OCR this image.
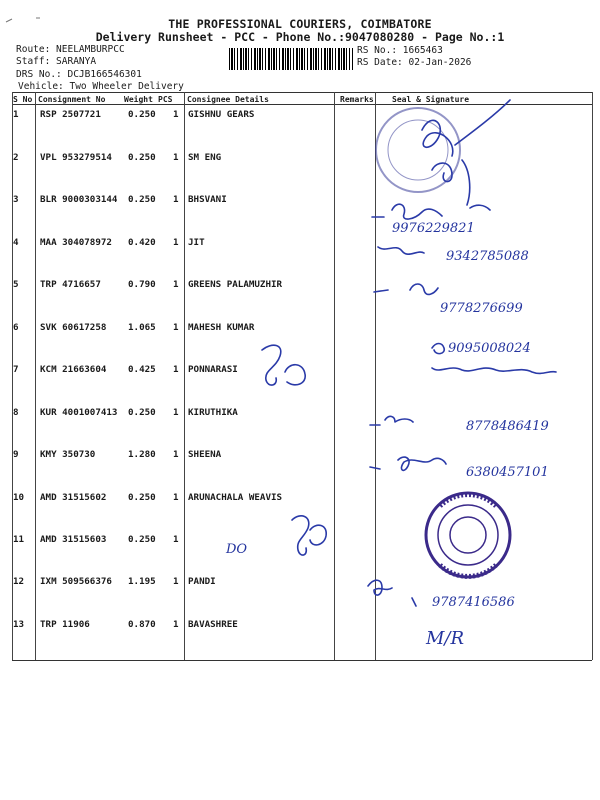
THE PROFESSIONAL COURIERS, COIMBATORE
Delivery Runsheet - PCC - Phone No.:9047080280 - Page No.:1
Route: NEELAMBURPCC
Staff: SARANYA
DRS No.: DCJB166546301
Vehicle: Two Wheeler Delivery
RS No.: 1665463
RS Date: 02-Jan-2026
S No Consignment No Weight PCS Consignee Details	Remarks Seal & Signature
1 RSP 2507721	0.250 1 GISHNU GEARS
2 VPL 953279514 0.250 1 SM ENG
3 BLR 9000303144 0.250 1 BHSVANI
4 MAA 304078972 0.420 1 JIT
5 TRP 4716657	0.790 1 GREENS PALAMUZHIR
6 SVK 60617258 1.065 1 MAHESH KUMAR
7 KCM 21663604 0.425 1 PONNARASI
8 KUR 4001007413 0.250 1 KIRUTHIKA
9 KMY 350730	1.280 1 SHEENA
10 AMD 31515602 0.250 1 ARUNACHALA WEAVIS
11 AMD 31515603 0.250 1
12 IXM 509566376 1.195 1 PANDI
13 TRP 11906	0.870 1 BAVASHREE
9976229821
9342785088
9778276699
9095008024
8778486419
6380457101
DO
9787416586
M/R
